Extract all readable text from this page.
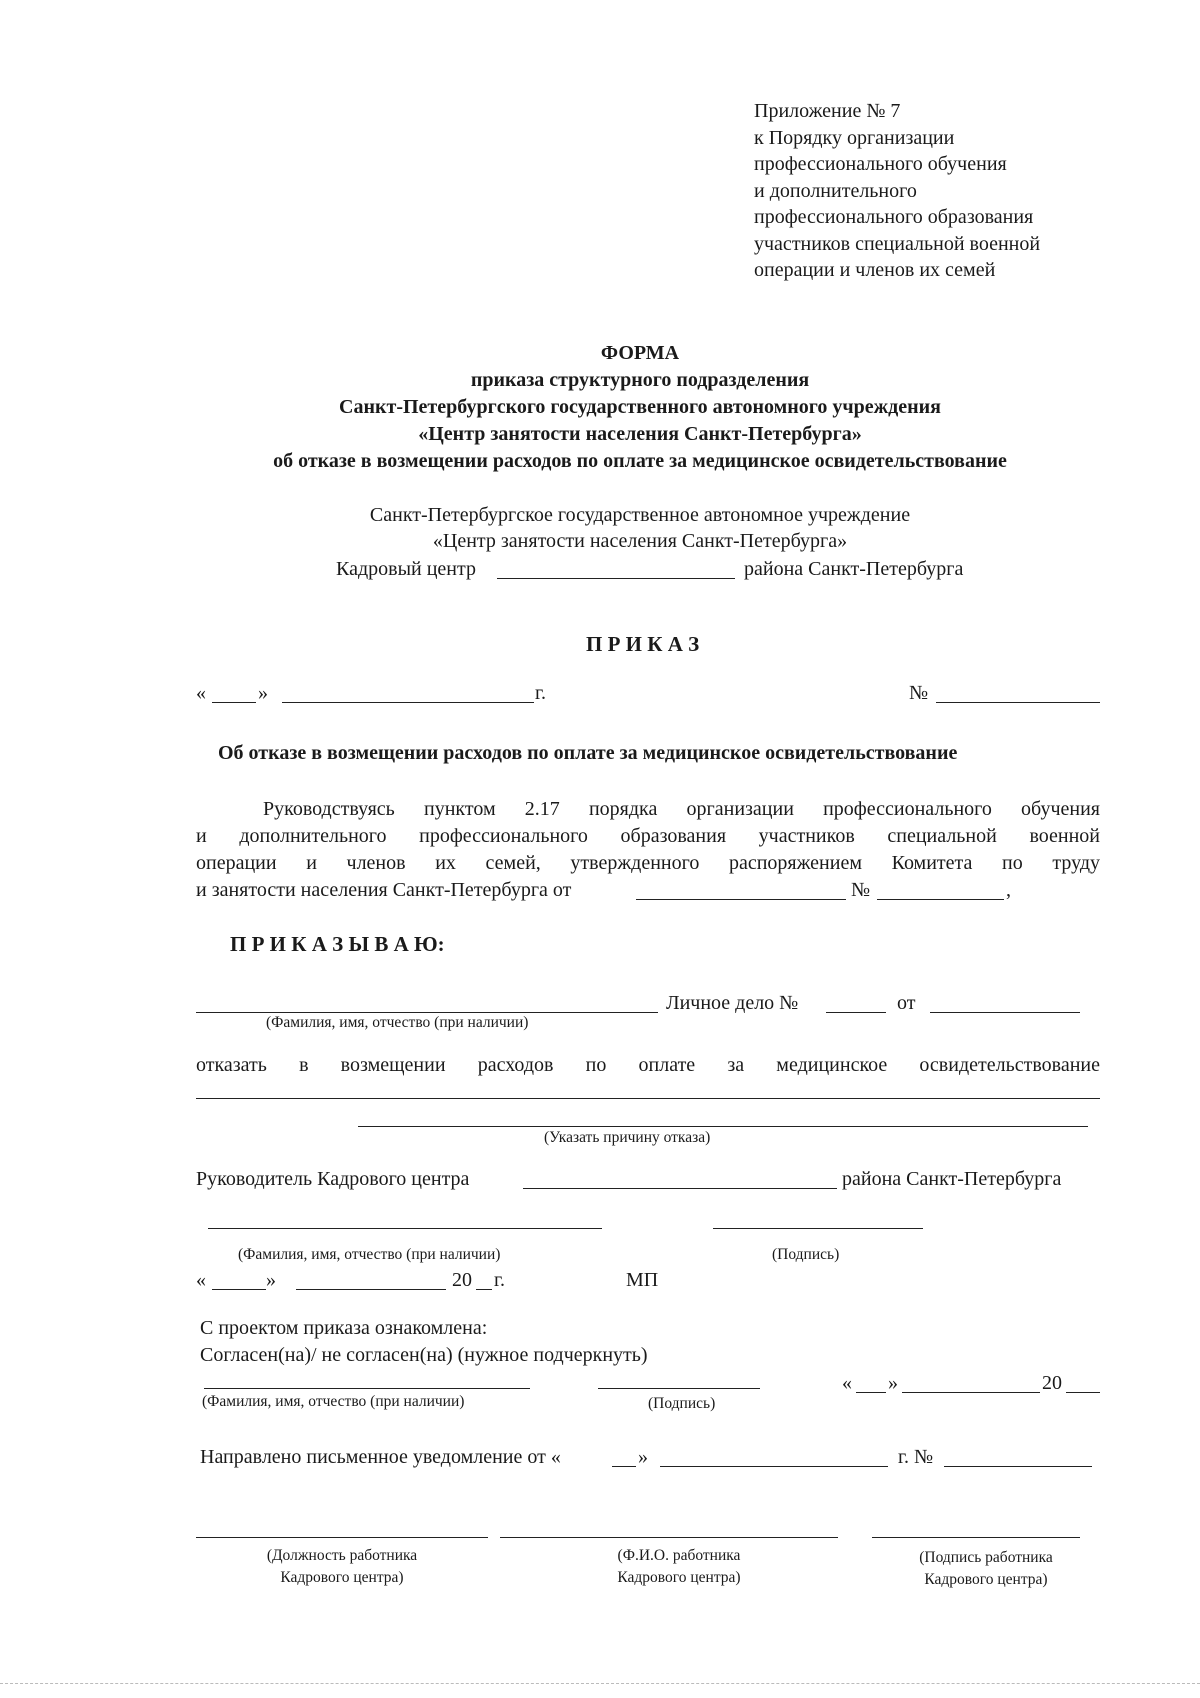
Приложение № 7
к Порядку организации
профессионального обучения
и дополнительного
профессионального образования
участников специальной военной
операции и членов их семей
ФОРМА
приказа структурного подразделения
Санкт-Петербургского государственного автономного учреждения
«Центр занятости населения Санкт-Петербурга»
об отказе в возмещении расходов по оплате за медицинское освидетельствование
Санкт-Петербургское государственное автономное учреждение
«Центр занятости населения Санкт-Петербурга»
Кадровый центр	района Санкт-Петербурга
П Р И К А З
«	»	г.	№
Об отказе в возмещении расходов по оплате за медицинское освидетельствование
Руководствуясь пунктом 2.17 порядка организации профессионального обучения
и дополнительного профессионального образования участников специальной военной
операции и членов их семей, утвержденного распоряжением Комитета по труду
и занятости населения Санкт-Петербурга от	№	,
П Р И К А З Ы В А Ю:
Личное дело №	от
(Фамилия, имя, отчество (при наличии)
отказать в возмещении расходов по оплате за медицинское освидетельствование
(Указать причину отказа)
Руководитель Кадрового центра	района Санкт-Петербурга
(Фамилия, имя, отчество (при наличии)	(Подпись)
«	»	20 г.	МП
С проектом приказа ознакомлена:
Согласен(на)/ не согласен(на) (нужное подчеркнуть)
« »	20
(Фамилия, имя, отчество (при наличии)	(Подпись)
Направлено письменное уведомление от «	»	г. №
(Должность работника
Кадрового центра)
(Ф.И.О. работника
Кадрового центра)
(Подпись работника
Кадрового центра)
